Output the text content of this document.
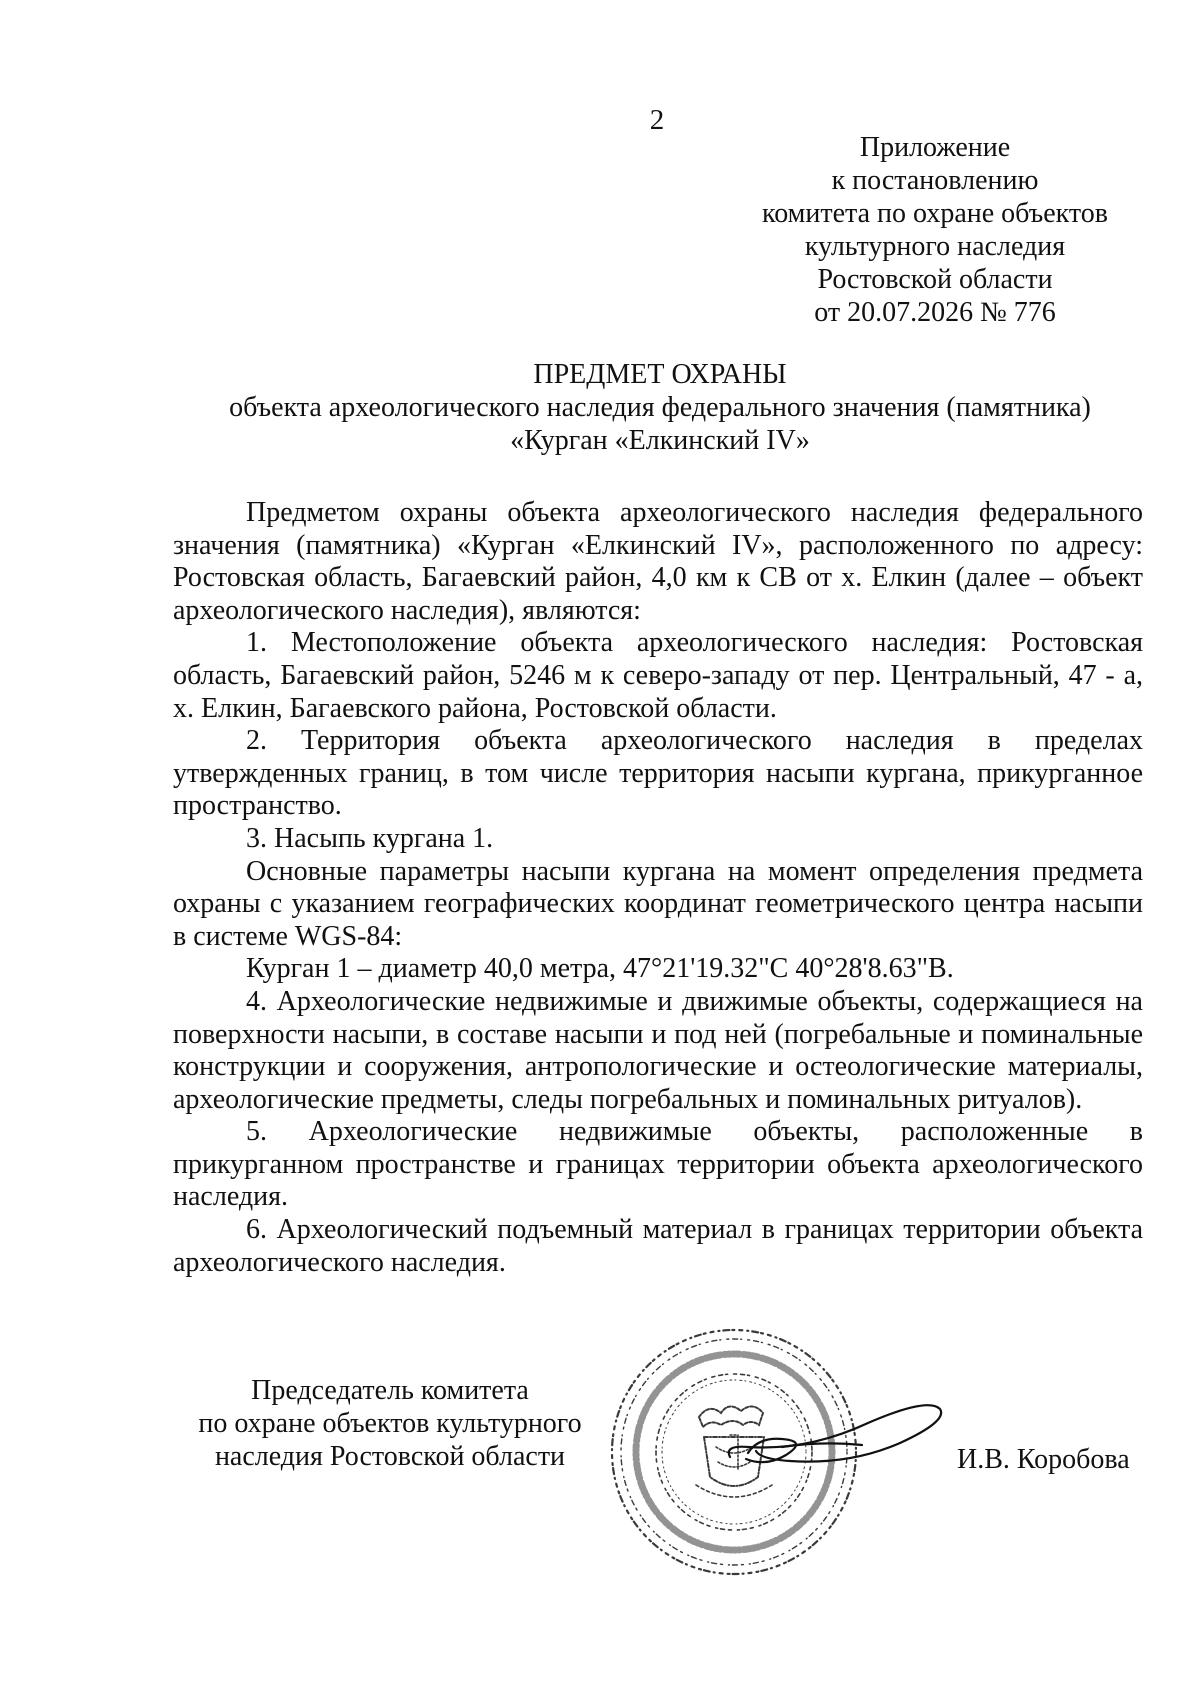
2
Приложение
к постановлению
комитета по охране объектов
культурного наследия
Ростовской области
от 20.07.2026 № 776
ПРЕДМЕТ ОХРАНЫ
объекта археологического наследия федерального значения (памятника)
«Курган «Елкинский IV»

Предметом охраны объекта археологического наследия федерального значения (памятника) «Курган «Елкинский IV», расположенного по адресу: Ростовская область, Багаевский район, 4,0 км к СВ от х. Елкин (далее – объект археологического наследия), являются:

1. Местоположение объекта археологического наследия: Ростовская область, Багаевский район, 5246 м к северо-западу от пер. Центральный, 47 - а, х. Елкин, Багаевского района, Ростовской области.

2. Территория объекта археологического наследия в пределах утвержденных границ, в том числе территория насыпи кургана, прикурганное пространство.

3. Насыпь кургана 1.

Основные параметры насыпи кургана на момент определения предмета охраны с указанием географических координат геометрического центра насыпи в системе WGS-84:

Курган 1 – диаметр 40,0 метра, 47°21'19.32"С 40°28'8.63"В.

4. Археологические недвижимые и движимые объекты, содержащиеся на поверхности насыпи, в составе насыпи и под ней (погребальные и поминальные конструкции и сооружения, антропологические и остеологические материалы, археологические предметы, следы погребальных и поминальных ритуалов).

5. Археологические недвижимые объекты, расположенные в прикурганном пространстве и границах территории объекта археологического наследия.

6. Археологический подъемный материал в границах территории объекта археологического наследия.

Председатель комитета
по охране объектов культурного
наследия Ростовской области	И.В. Коробова
